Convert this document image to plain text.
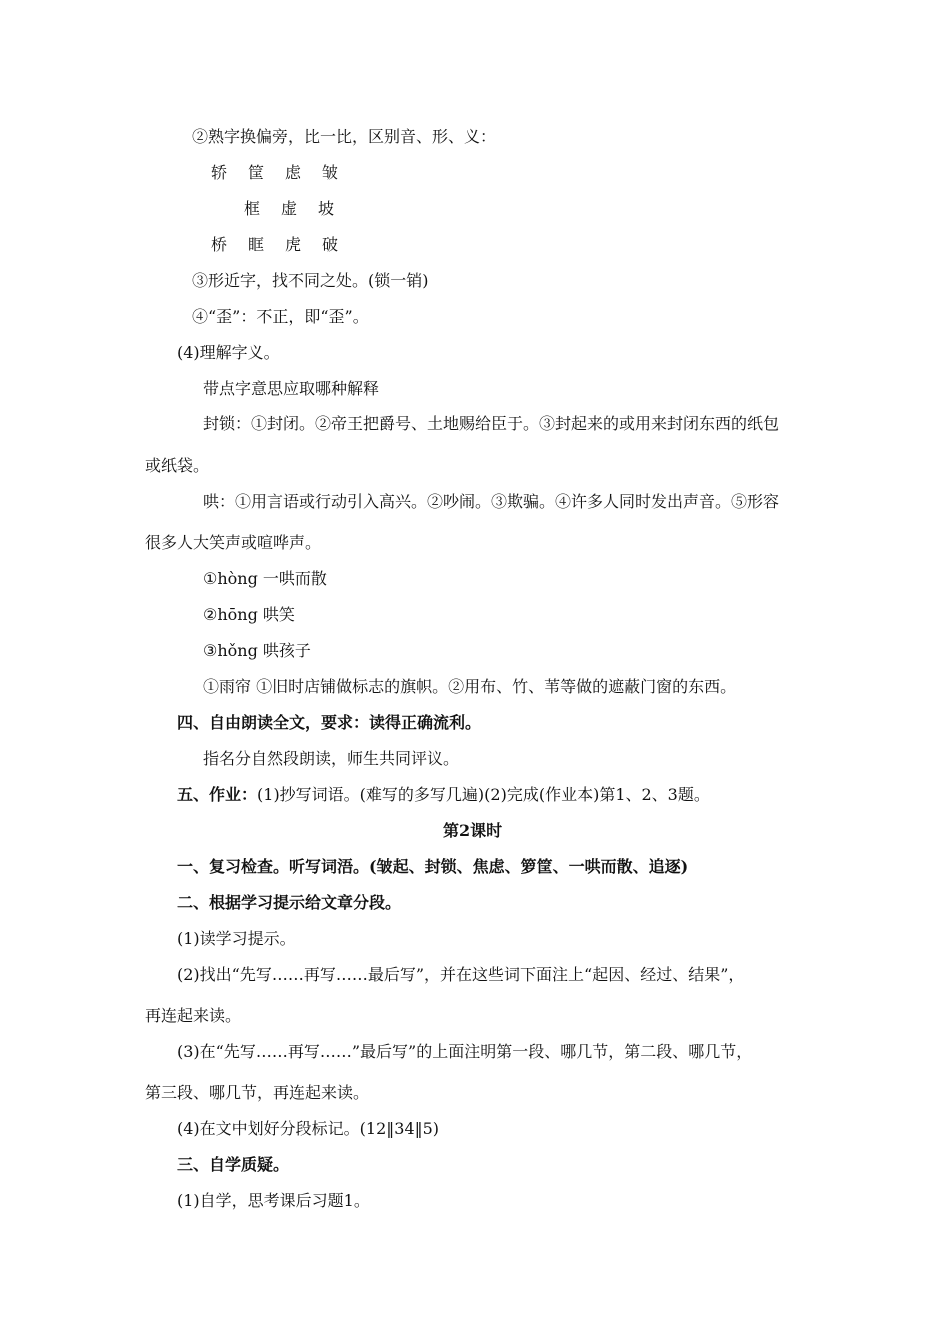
②熟字换偏旁，比一比，区别音、形、义：
轿 筐 虑 皱
框 虚 坡
桥 眶 虎 破
③形近字，找不同之处。(锁一销)
④“歪”：不正，即“歪”。
(4)理解字义。
带点字意思应取哪种解释
封锁：①封闭。②帝王把爵号、土地赐给臣于。③封起来的或用来封闭东西的纸包
或纸袋。
哄：①用言语或行动引入高兴。②吵闹。③欺骗。④许多人同时发出声音。⑤形容
很多人大笑声或喧哗声。
①hòng 一哄而散
②hōng 哄笑
③hǒng 哄孩子
①雨帘 ①旧时店铺做标志的旗帜。②用布、竹、苇等做的遮蔽门窗的东西。
四、自由朗读全文，要求：读得正确流利。
指名分自然段朗读，师生共同评议。
五、作业：(1)抄写词语。(难写的多写几遍)(2)完成(作业本)第1、2、3题。
第2课时
一、复习检查。听写词浯。(皱起、封锁、焦虑、箩筐、一哄而散、追逐)
二、根据学习提示给文章分段。
(1)读学习提示。
(2)找出“先写……再写……最后写”，并在这些词下面注上“起因、经过、结果”，
再连起来读。
(3)在“先写……再写……”最后写”的上面注明第一段、哪几节，第二段、哪几节，
第三段、哪几节，再连起来读。
(4)在文中划好分段标记。(12‖34‖5)
三、自学质疑。
(1)自学，思考课后习题1。
